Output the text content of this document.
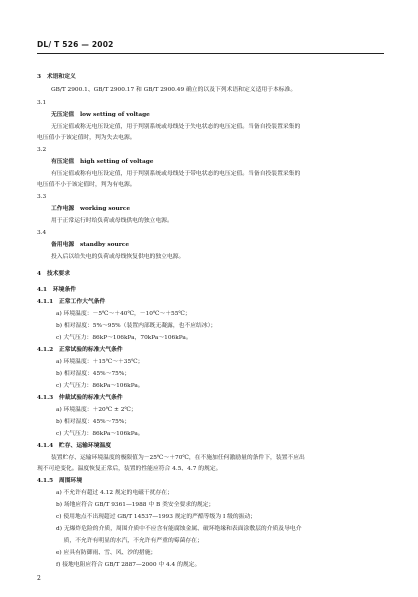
DL/ T 526 — 2002
3　术语和定义
GB/T 2900.1、GB/T 2900.17 和 GB/T 2900.49 确立的以及下列术语和定义适用于本标准。
3.1
无压定值　low setting of voltage
无压定值或称无电压设定值，用于判别系统或母线处于失电状态的电压定值。当备自投装置采集的
电压值小于该定值时，判为失去电源。
3.2
有压定值　high setting of voltage
有压定值或称有电压设定值，用于判别系统或母线处于带电状态的电压定值。当备自投装置采集的
电压值不小于该定值时，判为有电源。
3.3
工作电源　working source
用于正常运行时给负荷或母线供电的独立电源。
3.4
备用电源　standby source
投入后以给失电的负荷或母线恢复供电的独立电源。
4　技术要求
4.1　环境条件
4.1.1　正常工作大气条件
a) 环境温度：－5℃～＋40℃，－10℃～＋55℃；
b) 相对湿度：5%～95%（装置内部既无凝露，也不应结冰）；
c) 大气压力：86kP～106kPa，70kPa～106kPa。
4.1.2　正常试验的标准大气条件
a) 环境温度：＋15℃～＋35℃；
b) 相对湿度：45%～75%；
c) 大气压力：86kPa～106kPa。
4.1.3　仲裁试验的标准大气条件
a) 环境温度：＋20℃ ± 2℃；
b) 相对湿度：45%～75%；
c) 大气压力：86kPa～106kPa。
4.1.4　贮存、运输环境温度
装置贮存、运输环境温度的极限值为－25℃～＋70℃，在不施加任何激励量的条件下，装置不应出
现不可逆变化。温度恢复正常后，装置的性能应符合 4.5、4.7 的规定。
4.1.5　周围环境
a) 不允许有超过 4.12 规定的电磁干扰存在；
b) 场地应符合 GB/T 9361—1988 中 B 类安全要求的规定；
c) 使用地点不出现超过 GB/T 14537—1993 规定的严酷等级为 I 级的振动；
d) 无爆炸危险的介质，周围介质中不应含有能腐蚀金属、破坏绝缘和表面涂敷层的介质及导电介
　 质，不允许有明显的水汽，不允许有严重的霉菌存在；
e) 应具有防御雨、雪、风、沙的措施；
f) 接地电阻应符合 GB/T 2887—2000 中 4.4 的规定。
2
